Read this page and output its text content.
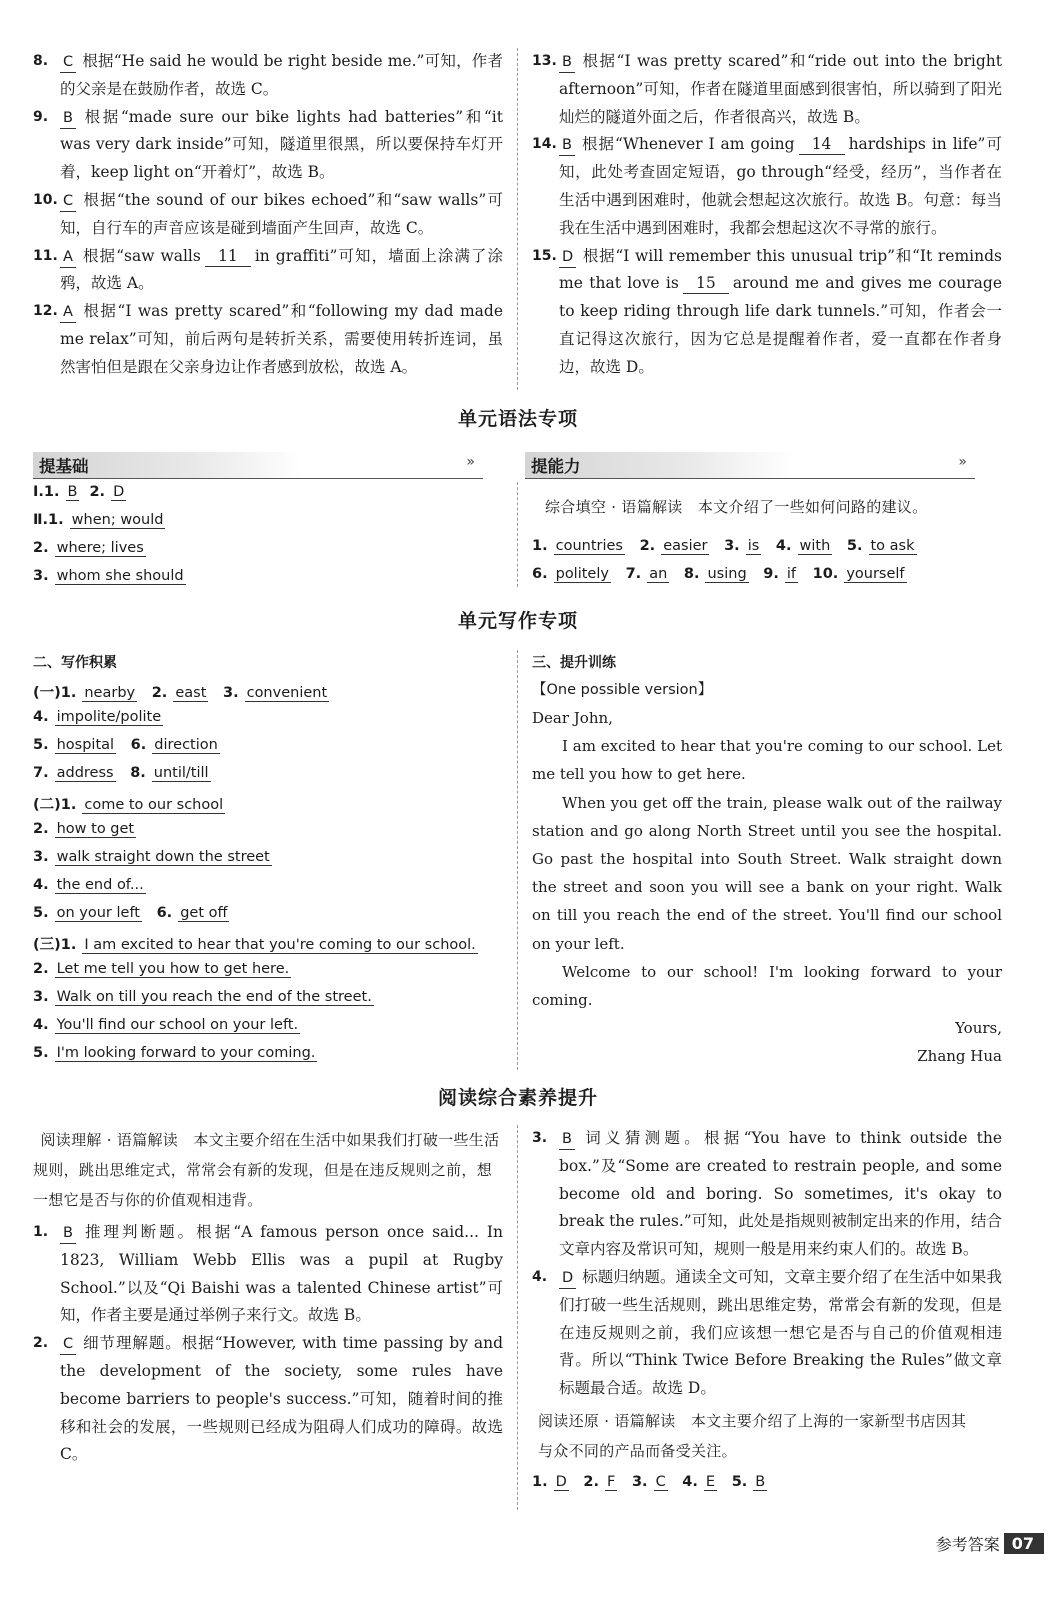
8. C 根据“He said he would be right beside me.”可知，作者的父亲是在鼓励作者，故选 C。

9. B 根据“made sure our bike lights had batteries”和“it was very dark inside”可知，隧道里很黑，所以要保持车灯开着，keep light on“开着灯”，故选 B。

10. C 根据“the sound of our bikes echoed”和“saw walls”可知，自行车的声音应该是碰到墙面产生回声，故选 C。

11. A 根据“saw walls 11 in graffiti”可知，墙面上涂满了涂鸦，故选 A。

12. A 根据“I was pretty scared”和“following my dad made me relax”可知，前后两句是转折关系，需要使用转折连词，虽然害怕但是跟在父亲身边让作者感到放松，故选 A。

13. B 根据“I was pretty scared”和“ride out into the bright afternoon”可知，作者在隧道里面感到很害怕，所以骑到了阳光灿烂的隧道外面之后，作者很高兴，故选 B。

14. B 根据“Whenever I am going 14 hardships in life”可知，此处考查固定短语，go through“经受，经历”，当作者在生活中遇到困难时，他就会想起这次旅行。故选 B。句意：每当我在生活中遇到困难时，我都会想起这次不寻常的旅行。

15. D 根据“I will remember this unusual trip”和“It reminds me that love is 15 around me and gives me courage to keep riding through life dark tunnels.”可知，作者会一直记得这次旅行，因为它总是提醒着作者，爱一直都在作者身边，故选 D。

单元语法专项
提基础	»	提能力	»
Ⅰ.1. B 2. D
Ⅱ.1. when; would
2. where; lives
3. whom she should
综合填空 · 语篇解读　本文介绍了一些如何问路的建议。
1. countries 2. easier 3. is 4. with 5. to ask
6. politely 7. an 8. using 9. if 10. yourself
单元写作专项
二、写作积累
(一)1. nearby 2. east 3. convenient
4. impolite/polite
5. hospital 6. direction
7. address 8. until/till
(二)1. come to our school
2. how to get
3. walk straight down the street
4. the end of...
5. on your left 6. get off
(三)1. I am excited to hear that you're coming to our school.
2. Let me tell you how to get here.
3. Walk on till you reach the end of the street.
4. You'll find our school on your left.
5. I'm looking forward to your coming.
三、提升训练
【One possible version】

Dear John,

I am excited to hear that you're coming to our school. Let me tell you how to get here.

When you get off the train, please walk out of the railway station and go along North Street until you see the hospital. Go past the hospital into South Street. Walk straight down the street and soon you will see a bank on your right. Walk on till you reach the end of the street. You'll find our school on your left.

Welcome to our school! I'm looking forward to your coming.

Yours,

Zhang Hua

阅读综合素养提升

阅读理解 · 语篇解读　本文主要介绍在生活中如果我们打破一些生活规则，跳出思维定式，常常会有新的发现，但是在违反规则之前，想一想它是否与你的价值观相违背。

1. B 推理判断题。根据“A famous person once said... In 1823, William Webb Ellis was a pupil at Rugby School.”以及“Qi Baishi was a talented Chinese artist”可知，作者主要是通过举例子来行文。故选 B。

2. C 细节理解题。根据“However, with time passing by and the development of the society, some rules have become barriers to people's success.”可知，随着时间的推移和社会的发展，一些规则已经成为阻碍人们成功的障碍。故选 C。

3. B 词义猜测题。根据“You have to think outside the box.”及“Some are created to restrain people, and some become old and boring. So sometimes, it's okay to break the rules.”可知，此处是指规则被制定出来的作用，结合文章内容及常识可知，规则一般是用来约束人们的。故选 B。

4. D 标题归纳题。通读全文可知，文章主要介绍了在生活中如果我们打破一些生活规则，跳出思维定势，常常会有新的发现，但是在违反规则之前，我们应该想一想它是否与自己的价值观相违背。所以“Think Twice Before Breaking the Rules”做文章标题最合适。故选 D。

阅读还原 · 语篇解读　本文主要介绍了上海的一家新型书店因其与众不同的产品而备受关注。
1. D 2. F 3. C 4. E 5. B
参考答案 07
